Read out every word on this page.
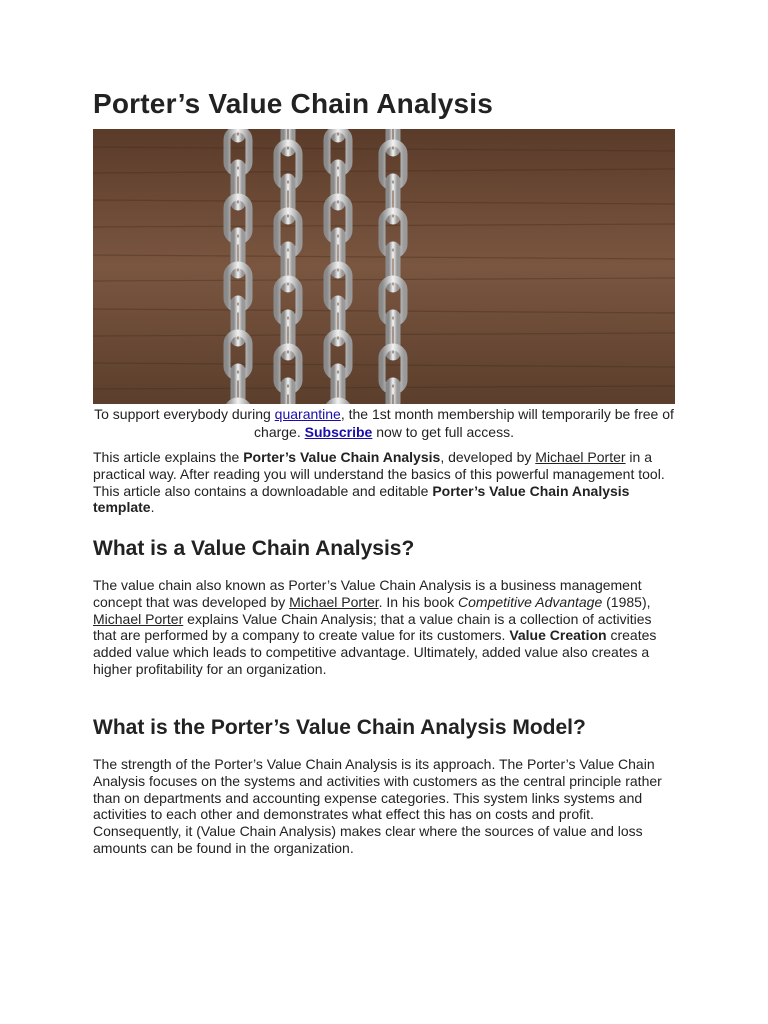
Porter’s Value Chain Analysis
To support everybody during quarantine, the 1st month membership will temporarily be free of charge. Subscribe now to get full access.

This article explains the Porter’s Value Chain Analysis, developed by Michael Porter in a practical way. After reading you will understand the basics of this powerful management tool. This article also contains a downloadable and editable Porter’s Value Chain Analysis template.

What is a Value Chain Analysis?

The value chain also known as Porter’s Value Chain Analysis is a business management concept that was developed by Michael Porter. In his book Competitive Advantage (1985), Michael Porter explains Value Chain Analysis; that a value chain is a collection of activities that are performed by a company to create value for its customers. Value Creation creates added value which leads to competitive advantage. Ultimately, added value also creates a higher profitability for an organization.

What is the Porter’s Value Chain Analysis Model?

The strength of the Porter’s Value Chain Analysis is its approach. The Porter’s Value Chain Analysis focuses on the systems and activities with customers as the central principle rather than on departments and accounting expense categories. This system links systems and activities to each other and demonstrates what effect this has on costs and profit. Consequently, it (Value Chain Analysis) makes clear where the sources of value and loss amounts can be found in the organization.
